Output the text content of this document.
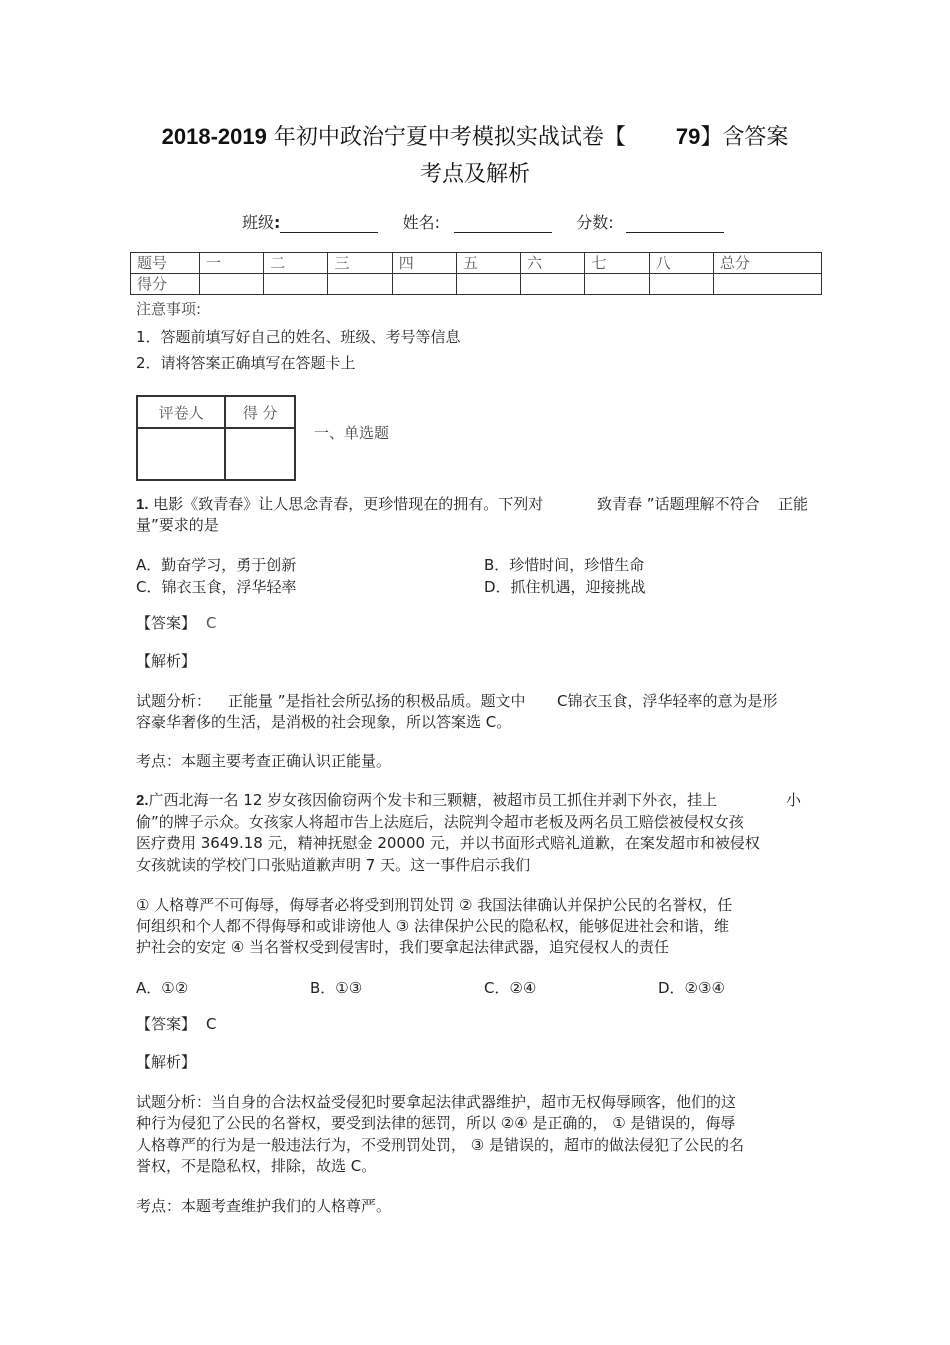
2018-2019 年初中政治宁夏中考模拟实战试卷【 79】含答案
考点及解析
班级:	姓名:	分数:
题号	一	二	三	四	五	六	七	八	总分
得分									
注意事项:
1．答题前填写好自己的姓名、班级、考号等信息
2．请将答案正确填写在答题卡上
评卷人	得 分

一、单选题
1. 电影《致青春》让人思念青春，更珍惜现在的拥有。下列对	致青春 ”话题理解不符合 正能
量”要求的是
A．勤奋学习，勇于创新	B．珍惜时间，珍惜生命
C．锦衣玉食，浮华轻率	D．抓住机遇，迎接挑战
【答案】 C
【解析】
试题分析： 正能量 ”是指社会所弘扬的积极品质。题文中 C锦衣玉食，浮华轻率的意为是形
容豪华奢侈的生活，是消极的社会现象，所以答案选 C。
考点：本题主要考查正确认识正能量。
2.广西北海一名 12 岁女孩因偷窃两个发卡和三颗糖，被超市员工抓住并剥下外衣，挂上	小
偷”的牌子示众。女孩家人将超市告上法庭后，法院判令超市老板及两名员工赔偿被侵权女孩
医疗费用 3649.18 元，精神抚慰金 20000 元，并以书面形式赔礼道歉，在案发超市和被侵权
女孩就读的学校门口张贴道歉声明 7 天。这一事件启示我们
① 人格尊严不可侮辱，侮辱者必将受到刑罚处罚 ② 我国法律确认并保护公民的名誉权，任
何组织和个人都不得侮辱和或诽谤他人 ③ 法律保护公民的隐私权，能够促进社会和谐，维
护社会的安定 ④ 当名誉权受到侵害时，我们要拿起法律武器，追究侵权人的责任
A．①②	B．①③	C．②④	D．②③④
【答案】 C
【解析】
试题分析：当自身的合法权益受侵犯时要拿起法律武器维护，超市无权侮辱顾客，他们的这
种行为侵犯了公民的名誉权，要受到法律的惩罚，所以 ②④ 是正确的， ① 是错误的，侮辱
人格尊严的行为是一般违法行为，不受刑罚处罚， ③ 是错误的，超市的做法侵犯了公民的名
誉权，不是隐私权，排除，故选 C。
考点：本题考查维护我们的人格尊严。
